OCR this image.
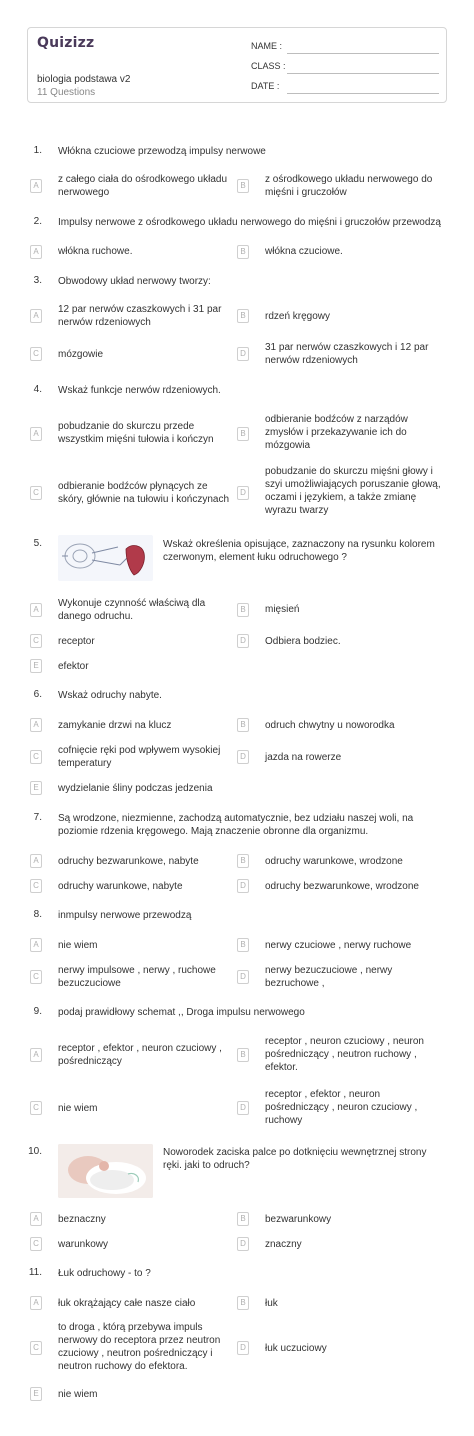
Quizizz
biologia podstawa v2
11 Questions
NAME :
CLASS :
DATE :
1. Włókna czuciowe przewodzą impulsy nerwowe
A
z całego ciała do ośrodkowego układu nerwowego
B
z ośrodkowego układu nerwowego do mięśni i gruczołów
2. Impulsy nerwowe z ośrodkowego układu nerwowego do mięśni i gruczołów przewodzą
A	włókna ruchowe.	B	włókna czuciowe.
3. Obwodowy układ nerwowy tworzy:
A
12 par nerwów czaszkowych i 31 par nerwów rdzeniowych
B	rdzeń kręgowy
C	mózgowie	D
31 par nerwów czaszkowych i 12 par nerwów rdzeniowych
4. Wskaż funkcje nerwów rdzeniowych.
A
pobudzanie do skurczu przede wszystkim mięśni tułowia i kończyn
B
odbieranie bodźców z narządów zmysłów i przekazywanie ich do mózgowia
C
odbieranie bodźców płynących ze skóry, głównie na tułowiu i kończynach
D
pobudzanie do skurczu mięśni głowy i szyi umożliwiających poruszanie głową, oczami i językiem, a także zmianę wyrazu twarzy
5.	Wskaż określenia opisujące, zaznaczony na rysunku kolorem czerwonym, element łuku odruchowego ?
A
Wykonuje czynność właściwą dla danego odruchu.
B	mięsień
C	receptor	D	Odbiera bodziec.
E	efektor
6. Wskaż odruchy nabyte.
A	zamykanie drzwi na klucz	B	odruch chwytny u noworodka
C
cofnięcie ręki pod wpływem wysokiej temperatury
D	jazda na rowerze
E	wydzielanie śliny podczas jedzenia
7. Są wrodzone, niezmienne, zachodzą automatycznie, bez udziału naszej woli, na poziomie rdzenia kręgowego. Mają znaczenie obronne dla organizmu.
A	odruchy bezwarunkowe, nabyte	B	odruchy warunkowe, wrodzone
C	odruchy warunkowe, nabyte	D	odruchy bezwarunkowe, wrodzone
8. inmpulsy nerwowe przewodzą
A	nie wiem	B	nerwy czuciowe , nerwy ruchowe
C
nerwy impulsowe , nerwy , ruchowe bezuczuciowe
D
nerwy bezuczuciowe , nerwy bezruchowe ,
9. podaj prawidłowy schemat ,, Droga impulsu nerwowego
A
receptor , efektor , neuron czuciowy , pośredniczący
B
receptor , neuron czuciowy , neuron pośredniczący , neutron ruchowy , efektor.
C	nie wiem	D
receptor , efektor , neuron pośredniczący , neuron czuciowy , ruchowy
10.	Noworodek zaciska palce po dotknięciu wewnętrznej strony ręki. jaki to odruch?
A	beznaczny	B	bezwarunkowy
C	warunkowy	D	znaczny
11. Łuk odruchowy - to ?
A	łuk okrążający całe nasze ciało	B	łuk
C
to droga , którą przebywa impuls nerwowy do receptora przez neutron czuciowy , neutron pośredniczący i neutron ruchowy do efektora.
D	łuk uczuciowy
E	nie wiem
